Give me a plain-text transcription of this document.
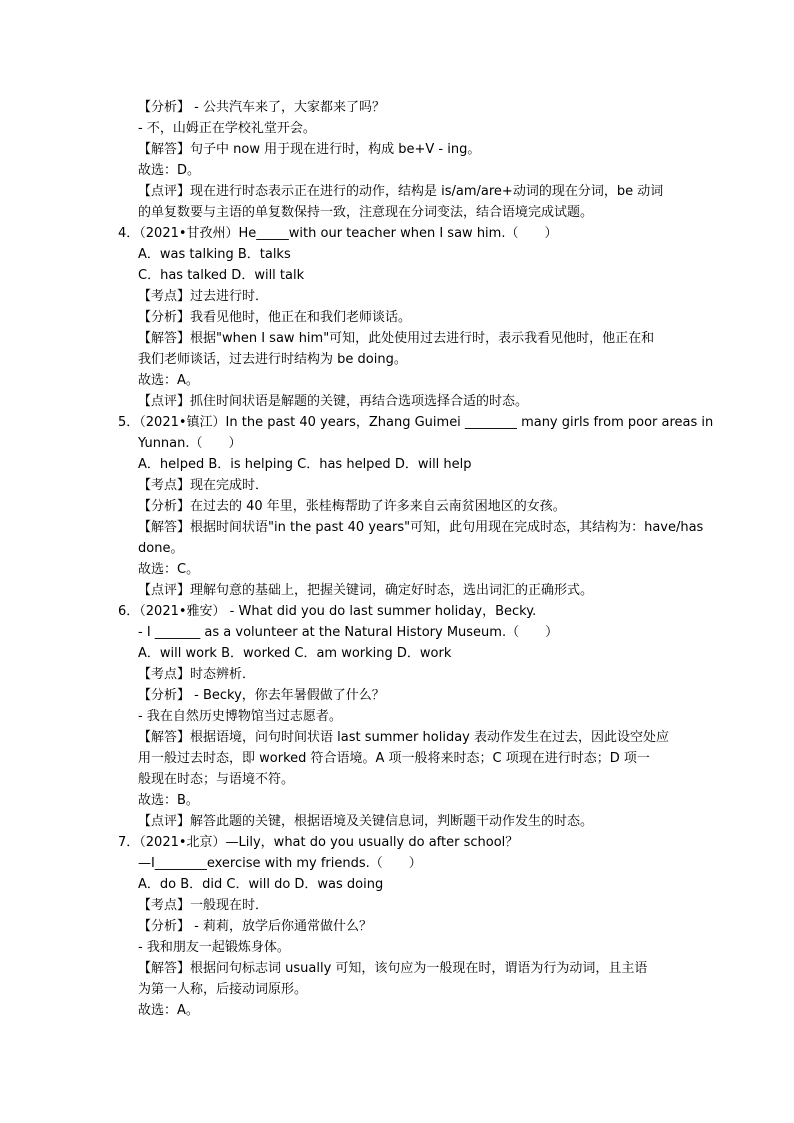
【分析】 - 公共汽车来了，大家都来了吗？
- 不，山姆正在学校礼堂开会。
【解答】句子中 now 用于现在进行时，构成 be+V - ing。
故选：D。
【点评】现在进行时态表示正在进行的动作，结构是 is/am/are+动词的现在分词，be 动词
的单复数要与主语的单复数保持一致，注意现在分词变法，结合语境完成试题。
4．（2021•甘孜州）He_____with our teacher when I saw him.（　　）
A．was talking B．talks
C．has talked D．will talk
【考点】过去进行时．
【分析】我看见他时，他正在和我们老师谈话。
【解答】根据"when I saw him"可知，此处使用过去进行时，表示我看见他时，他正在和
我们老师谈话，过去进行时结构为 be doing。
故选：A。
【点评】抓住时间状语是解题的关键，再结合选项选择合适的时态。
5．（2021•镇江）In the past 40 years，Zhang Guimei ________ many girls from poor areas in
Yunnan.（　　）
A．helped B．is helping C．has helped D．will help
【考点】现在完成时．
【分析】在过去的 40 年里，张桂梅帮助了许多来自云南贫困地区的女孩。
【解答】根据时间状语"in the past 40 years"可知，此句用现在完成时态，其结构为：have/has
done。
故选：C。
【点评】理解句意的基础上，把握关键词，确定好时态，选出词汇的正确形式。
6．（2021•雅安） - What did you do last summer holiday，Becky.
- I _______ as a volunteer at the Natural History Museum.（　　）
A．will work B．worked C．am working D．work
【考点】时态辨析．
【分析】 - Becky，你去年暑假做了什么？
- 我在自然历史博物馆当过志愿者。
【解答】根据语境，问句时间状语 last summer holiday 表动作发生在过去，因此设空处应
用一般过去时态，即 worked 符合语境。A 项一般将来时态；C 项现在进行时态；D 项一
般现在时态；与语境不符。
故选：B。
【点评】解答此题的关键，根据语境及关键信息词，判断题干动作发生的时态。
7．（2021•北京）—Lily，what do you usually do after school？
—I________exercise with my friends.（　　）
A．do B．did C．will do D．was doing
【考点】一般现在时．
【分析】 - 莉莉，放学后你通常做什么？
- 我和朋友一起锻炼身体。
【解答】根据问句标志词 usually 可知，该句应为一般现在时，谓语为行为动词，且主语
为第一人称，后接动词原形。
故选：A。
